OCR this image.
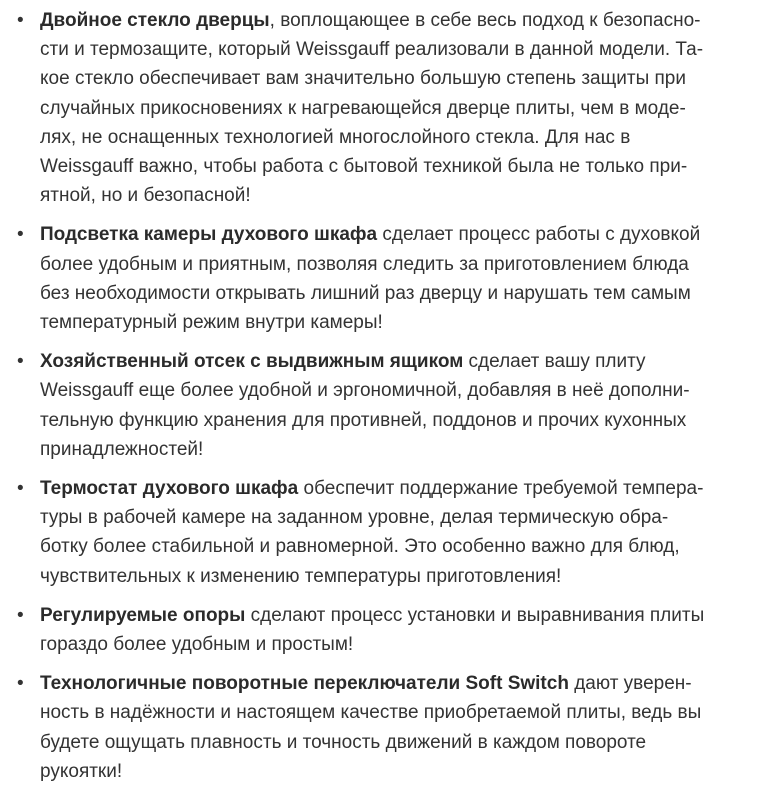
• Двойное стекло дверцы, воплощающее в себе весь подход к безопасно-
сти и термозащите, который Weissgauff реализовали в данной модели. Та-
кое стекло обеспечивает вам значительно большую степень защиты при
случайных прикосновениях к нагревающейся дверце плиты, чем в моде-
лях, не оснащенных технологией многослойного стекла. Для нас в
Weissgauff важно, чтобы работа с бытовой техникой была не только при-
ятной, но и безопасной!
• Подсветка камеры духового шкафа сделает процесс работы с духовкой
более удобным и приятным, позволяя следить за приготовлением блюда
без необходимости открывать лишний раз дверцу и нарушать тем самым
температурный режим внутри камеры!
• Хозяйственный отсек с выдвижным ящиком сделает вашу плиту
Weissgauff еще более удобной и эргономичной, добавляя в неё дополни-
тельную функцию хранения для противней, поддонов и прочих кухонных
принадлежностей!
• Термостат духового шкафа обеспечит поддержание требуемой темпера-
туры в рабочей камере на заданном уровне, делая термическую обра-
ботку более стабильной и равномерной. Это особенно важно для блюд,
чувствительных к изменению температуры приготовления!
• Регулируемые опоры сделают процесс установки и выравнивания плиты
гораздо более удобным и простым!
• Технологичные поворотные переключатели Soft Switch дают уверен-
ность в надёжности и настоящем качестве приобретаемой плиты, ведь вы
будете ощущать плавность и точность движений в каждом повороте
рукоятки!
